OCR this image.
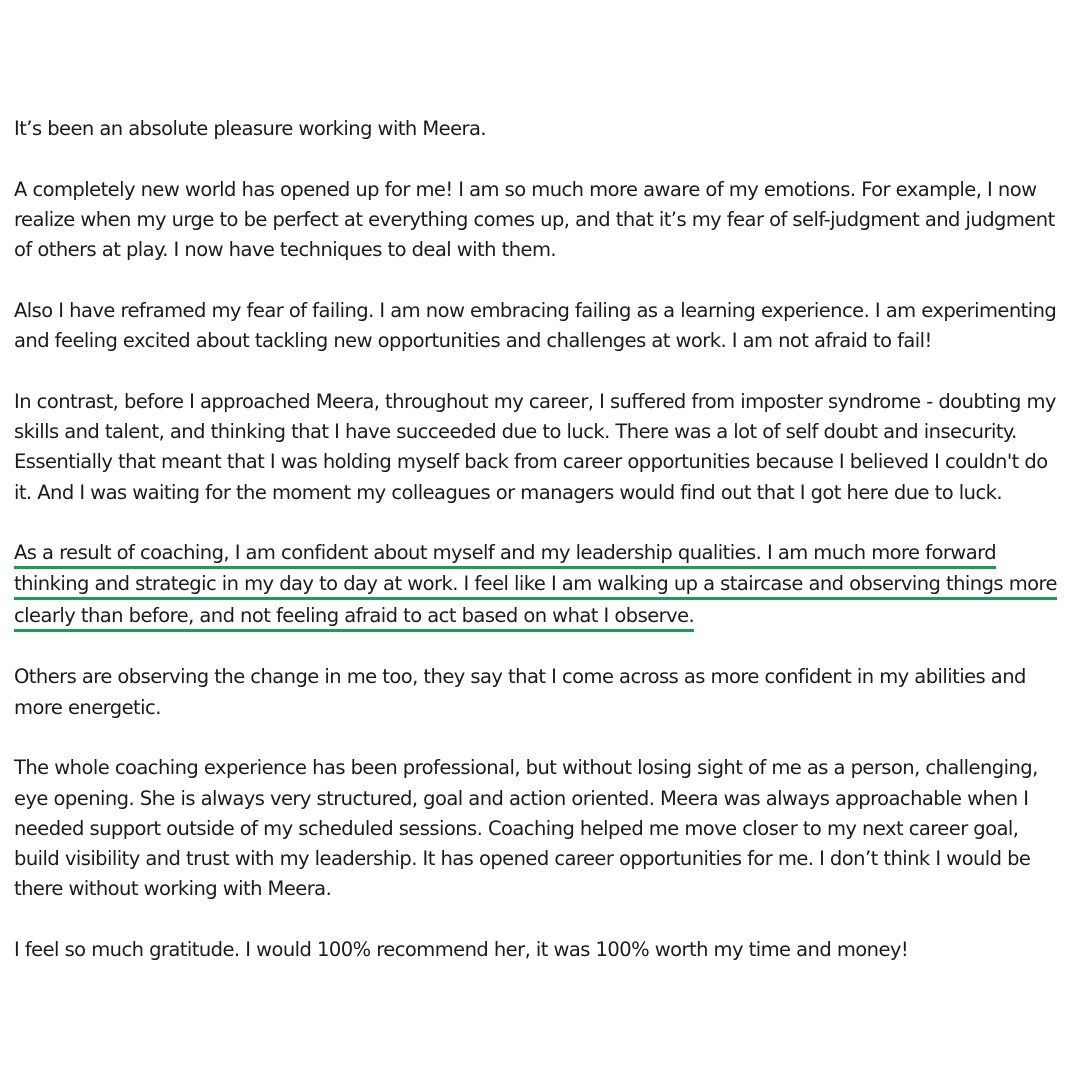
It’s been an absolute pleasure working with Meera.

A completely new world has opened up for me! I am so much more aware of my emotions. For example, I now
realize when my urge to be perfect at everything comes up, and that it’s my fear of self-judgment and judgment
of others at play. I now have techniques to deal with them.

Also I have reframed my fear of failing. I am now embracing failing as a learning experience. I am experimenting
and feeling excited about tackling new opportunities and challenges at work. I am not afraid to fail!

In contrast, before I approached Meera, throughout my career, I suffered from imposter syndrome - doubting my
skills and talent, and thinking that I have succeeded due to luck. There was a lot of self doubt and insecurity.
Essentially that meant that I was holding myself back from career opportunities because I believed I couldn't do
it. And I was waiting for the moment my colleagues or managers would find out that I got here due to luck.

As a result of coaching, I am confident about myself and my leadership qualities. I am much more forward
thinking and strategic in my day to day at work. I feel like I am walking up a staircase and observing things more
clearly than before, and not feeling afraid to act based on what I observe.

Others are observing the change in me too, they say that I come across as more confident in my abilities and
more energetic.

The whole coaching experience has been professional, but without losing sight of me as a person, challenging,
eye opening. She is always very structured, goal and action oriented. Meera was always approachable when I
needed support outside of my scheduled sessions. Coaching helped me move closer to my next career goal,
build visibility and trust with my leadership. It has opened career opportunities for me. I don’t think I would be
there without working with Meera.

I feel so much gratitude. I would 100% recommend her, it was 100% worth my time and money!
